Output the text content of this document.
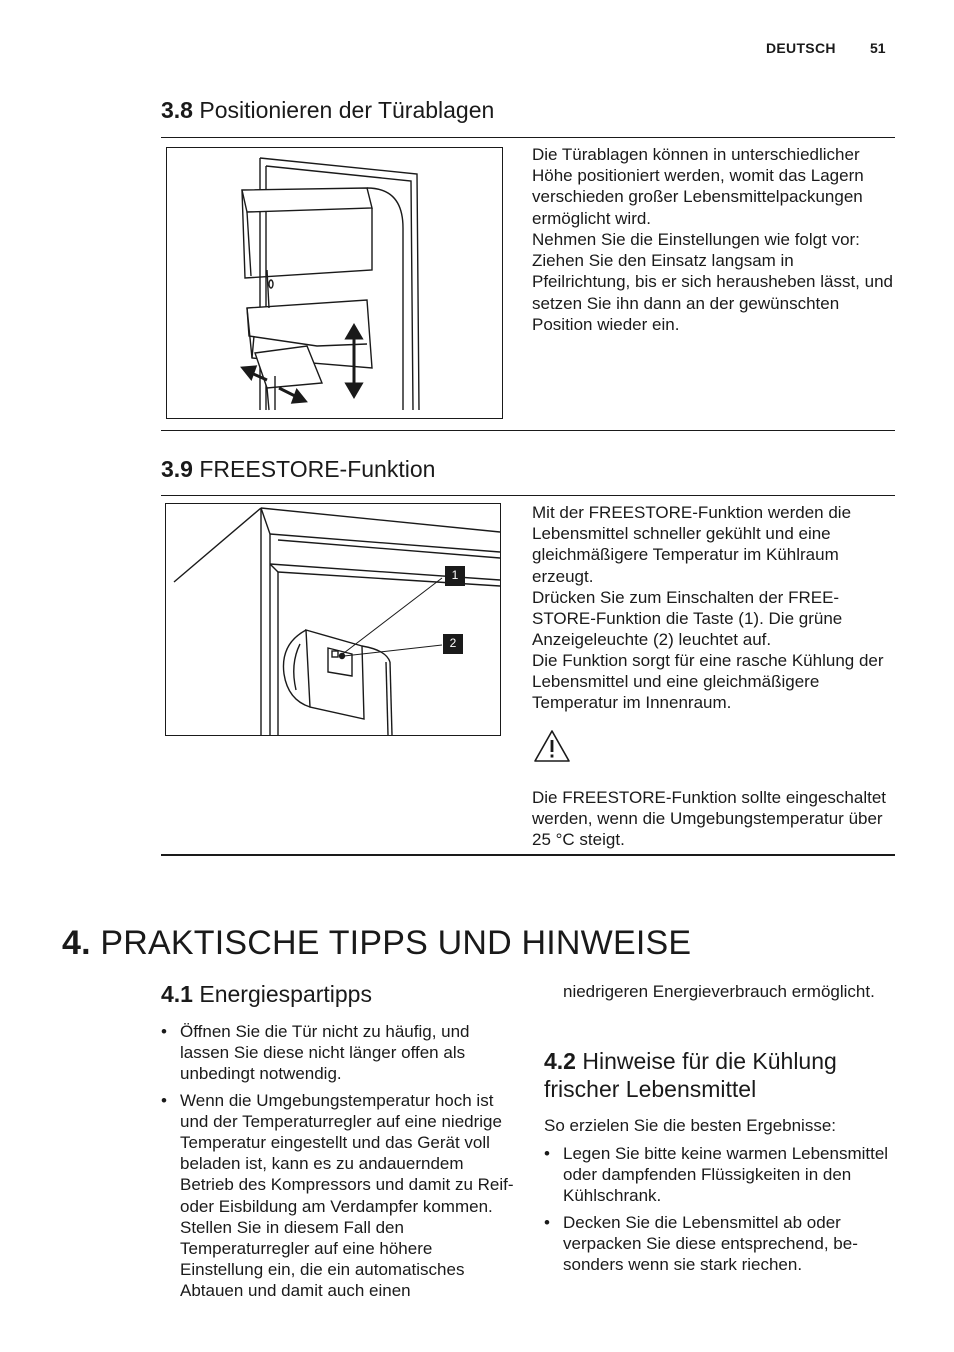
DEUTSCH 51
3.8 Positionieren der Türablagen

Die Türablagen können in unterschiedlicher Höhe positioniert werden, womit das Lagern verschieden großer Lebensmittelpackungen ermöglicht wird.

Nehmen Sie die Einstellungen wie folgt vor: Ziehen Sie den Einsatz langsam in Pfeilrichtung, bis er sich herausheben lässt, und setzen Sie ihn dann an der gewünschten Position wieder ein.

3.9 FREESTORE-Funktion
1
2

Mit der FREESTORE-Funktion werden die Lebensmittel schneller gekühlt und eine gleichmäßigere Temperatur im Kühlraum erzeugt.

Drücken Sie zum Einschalten der FREESTORE-Funktion die Taste (1). Die grüne Anzeigeleuchte (2) leuchtet auf.

Die Funktion sorgt für eine rasche Kühlung der Lebensmittel und eine gleichmäßigere Temperatur im Innenraum.

Die FREESTORE-Funktion sollte eingeschaltet werden, wenn die Umgebungstemperatur über 25 °C steigt.

4. PRAKTISCHE TIPPS UND HINWEISE
4.1 Energiespartipps
• Öffnen Sie die Tür nicht zu häufig, und lassen Sie diese nicht länger offen als unbedingt notwendig.
• Wenn die Umgebungstemperatur hoch ist und der Temperaturregler auf eine niedrige Temperatur eingestellt und das Gerät voll beladen ist, kann es zu andauerndem Betrieb des Kompressors und damit zu Reif- oder Eisbildung am Verdampfer kommen. Stellen Sie in diesem Fall den Temperaturregler auf eine höhere Einstellung ein, die ein automatisches Abtauen und damit auch einen

niedrigeren Energieverbrauch ermöglicht.

4.2 Hinweise für die Kühlung frischer Lebensmittel

So erzielen Sie die besten Ergebnisse:

• Legen Sie bitte keine warmen Lebensmittel oder dampfenden Flüssigkeiten in den Kühlschrank.
• Decken Sie die Lebensmittel ab oder verpacken Sie diese entsprechend, besonders wenn sie stark riechen.
